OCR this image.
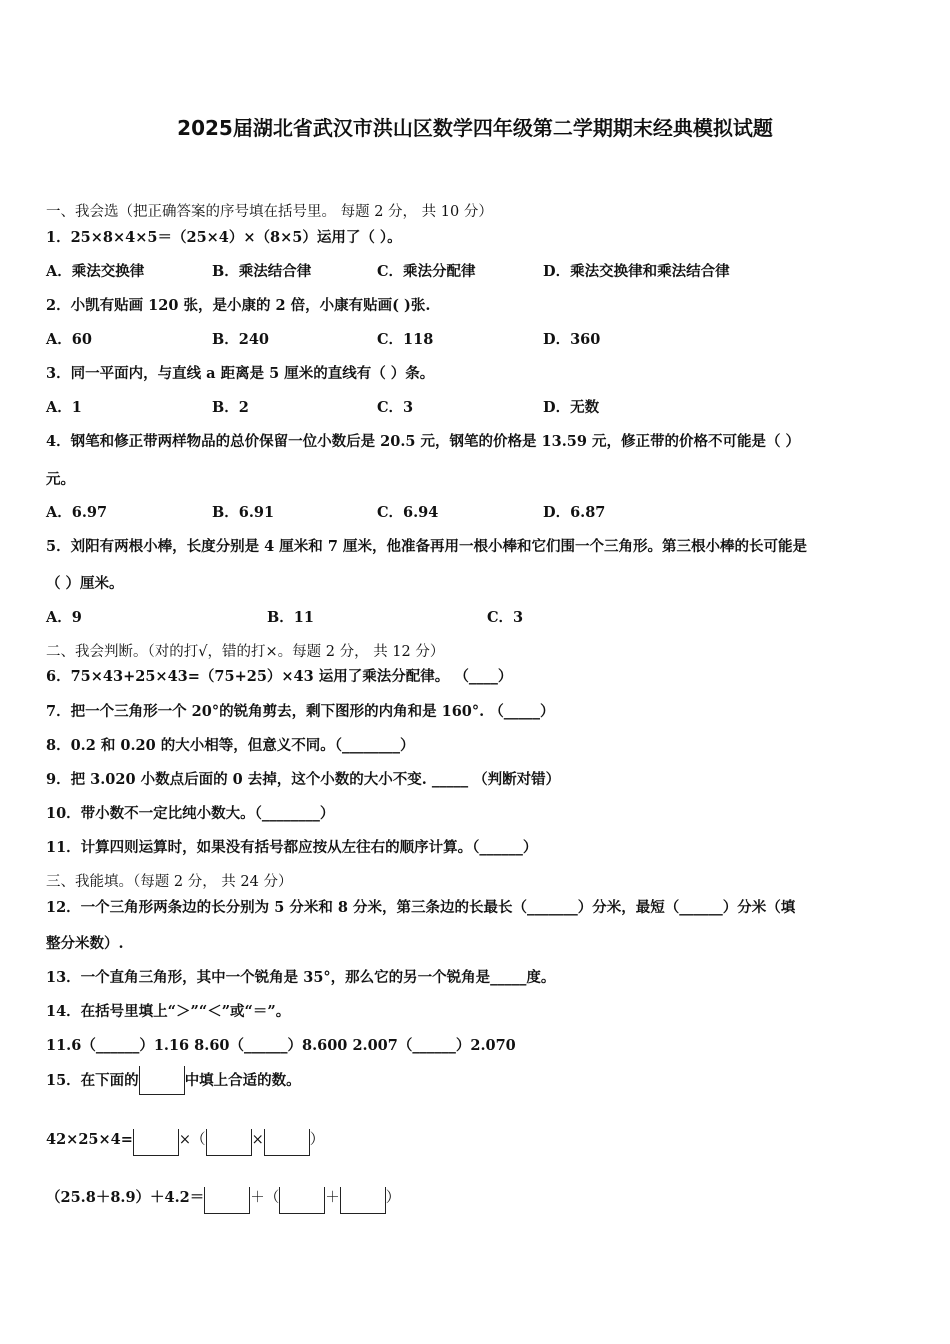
2025届湖北省武汉市洪山区数学四年级第二学期期末经典模拟试题
一、我会选（把正确答案的序号填在括号里。 每题 2 分， 共 10 分）
1．25×8×4×5＝（25×4）×（8×5）运用了（ ）。
A．乘法交换律	B．乘法结合律	C．乘法分配律	D．乘法交换律和乘法结合律
2．小凯有贴画 120 张，是小康的 2 倍，小康有贴画( )张.
A．60	B．240	C．118	D．360
3．同一平面内，与直线 a 距离是 5 厘米的直线有（ ）条。
A．1	B．2	C．3	D．无数
4．钢笔和修正带两样物品的总价保留一位小数后是 20.5 元，钢笔的价格是 13.59 元，修正带的价格不可能是（ ）
元。
A．6.97	B．6.91	C．6.94	D．6.87
5．刘阳有两根小棒，长度分别是 4 厘米和 7 厘米，他准备再用一根小棒和它们围一个三角形。第三根小棒的长可能是
（ ）厘米。
A．9	B．11	C．3
二、我会判断。（对的打√，错的打×。每题 2 分， 共 12 分）
6．75×43+25×43=（75+25）×43 运用了乘法分配律。 （____）
7．把一个三角形一个 20°的锐角剪去，剩下图形的内角和是 160°. （_____）
8．0.2 和 0.20 的大小相等，但意义不同。（________）
9．把 3.020 小数点后面的 0 去掉，这个小数的大小不变. _____ （判断对错）
10．带小数不一定比纯小数大。（________）
11．计算四则运算时，如果没有括号都应按从左往右的顺序计算。（______）
三、我能填。（每题 2 分， 共 24 分）
12．一个三角形两条边的长分别为 5 分米和 8 分米，第三条边的长最长（_______）分米，最短（______）分米（填
整分米数）.
13．一个直角三角形，其中一个锐角是 35°，那么它的另一个锐角是_____度。
14．在括号里填上“＞”“＜”或“＝”。
11.6（______）1.16 8.60（______）8.600 2.007（______）2.070
15．在下面的	中填上合适的数。
42×25×4=	×（	×	）
（25.8＋8.9）＋4.2＝	＋（	＋	）
